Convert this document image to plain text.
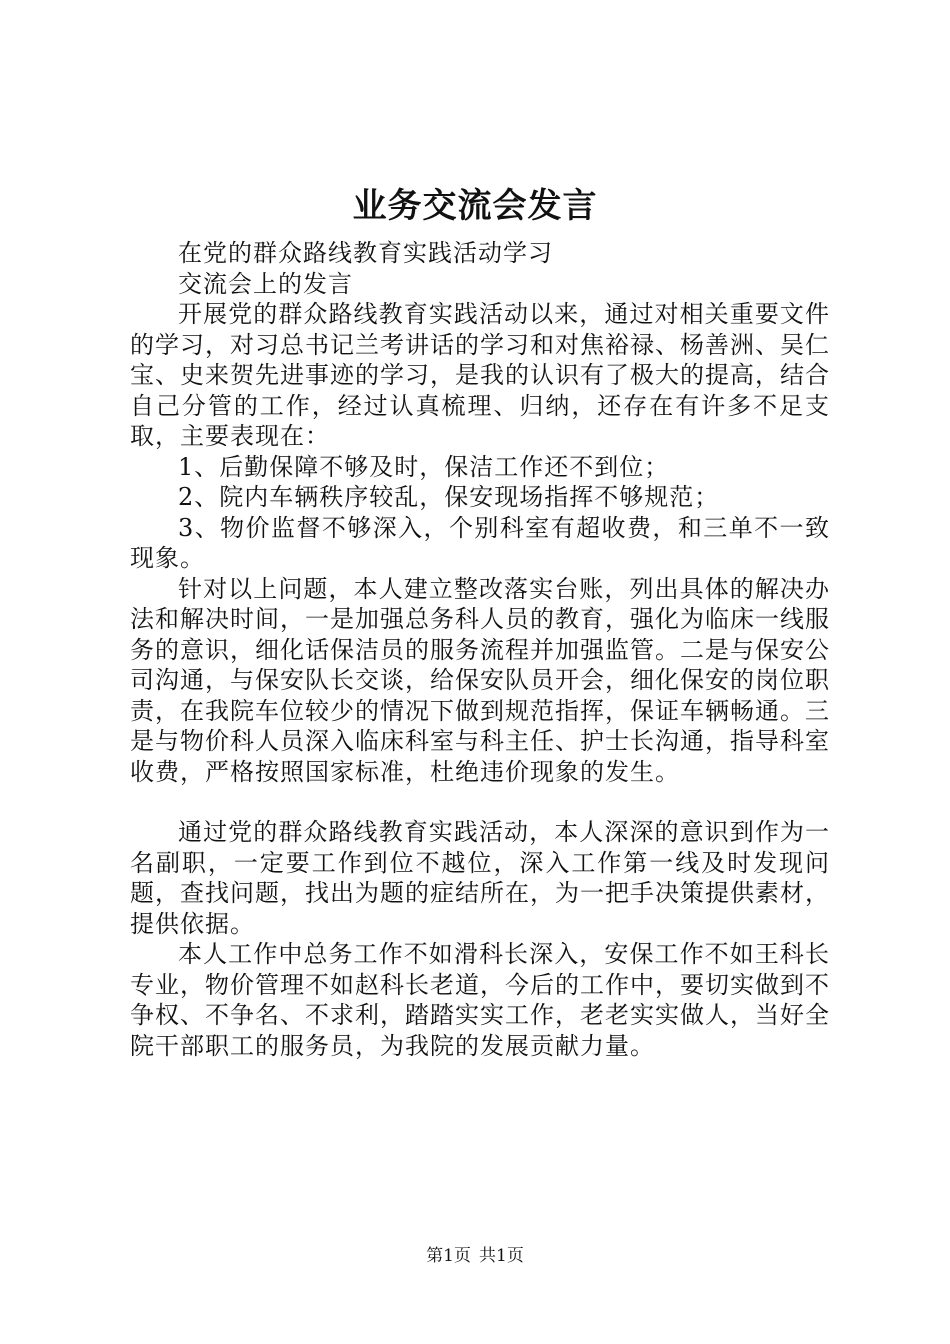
业务交流会发言

在党的群众路线教育实践活动学习

交流会上的发言

开展党的群众路线教育实践活动以来，通过对相关重要文件的学习，对习总书记兰考讲话的学习和对焦裕禄、杨善洲、吴仁宝、史来贺先进事迹的学习，是我的认识有了极大的提高，结合自己分管的工作，经过认真梳理、归纳，还存在有许多不足支取，主要表现在：

1、后勤保障不够及时，保洁工作还不到位；

2、院内车辆秩序较乱，保安现场指挥不够规范；

3、物价监督不够深入，个别科室有超收费，和三单不一致现象。

针对以上问题，本人建立整改落实台账，列出具体的解决办法和解决时间，一是加强总务科人员的教育，强化为临床一线服务的意识，细化话保洁员的服务流程并加强监管。二是与保安公司沟通，与保安队长交谈，给保安队员开会，细化保安的岗位职责，在我院车位较少的情况下做到规范指挥，保证车辆畅通。三是与物价科人员深入临床科室与科主任、护士长沟通，指导科室收费，严格按照国家标准，杜绝违价现象的发生。

通过党的群众路线教育实践活动，本人深深的意识到作为一名副职，一定要工作到位不越位，深入工作第一线及时发现问题，查找问题，找出为题的症结所在，为一把手决策提供素材，提供依据。

本人工作中总务工作不如滑科长深入，安保工作不如王科长专业，物价管理不如赵科长老道，今后的工作中，要切实做到不争权、不争名、不求利，踏踏实实工作，老老实实做人，当好全院干部职工的服务员，为我院的发展贡献力量。

第1页 共1页
